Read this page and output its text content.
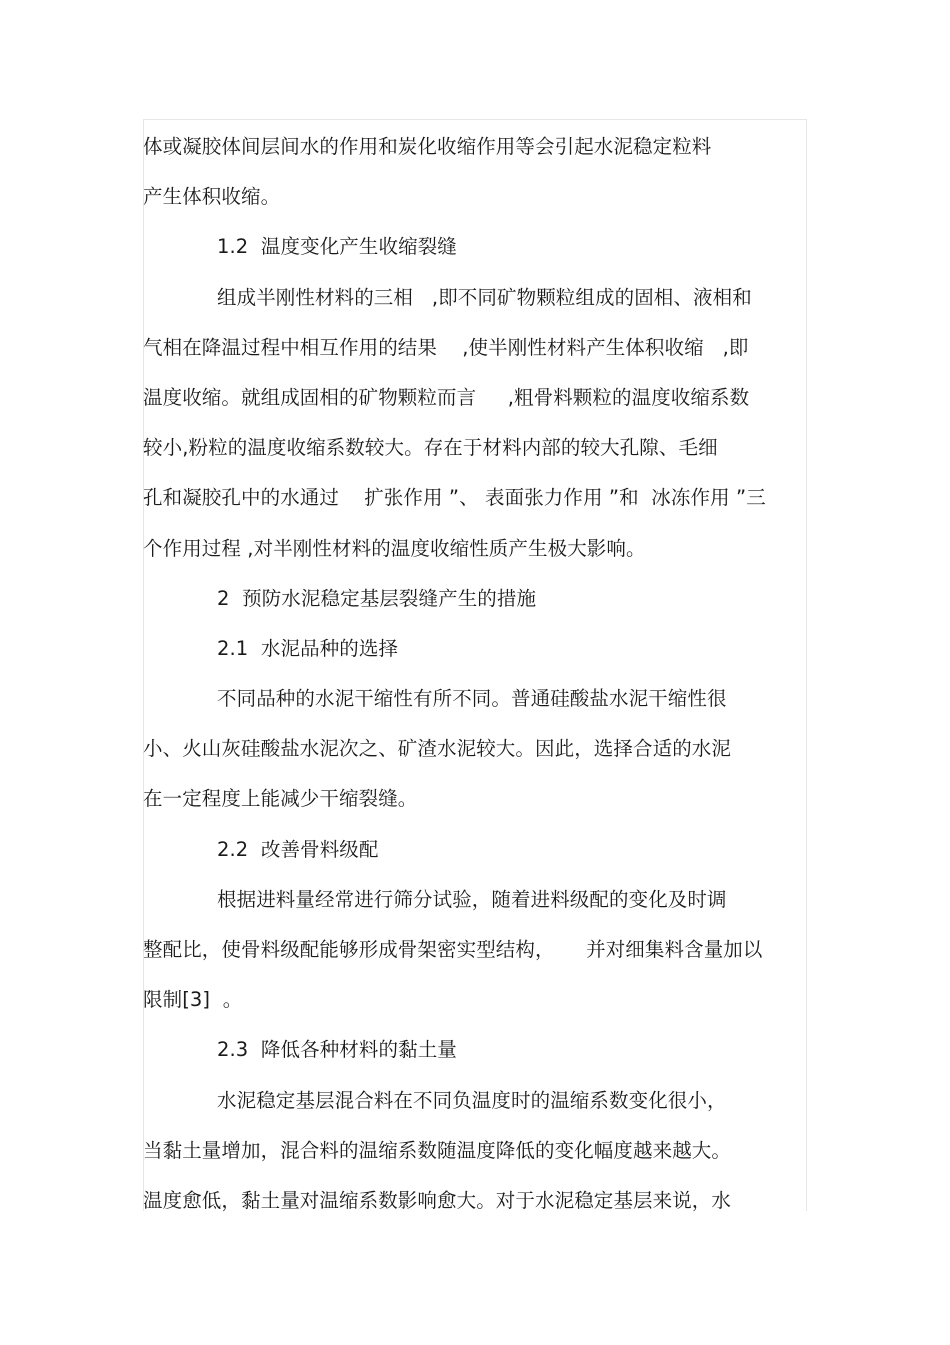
体或凝胶体间层间水的作用和炭化收缩作用等会引起水泥稳定粒料
产生体积收缩。
1.2  温度变化产生收缩裂缝
组成半刚性材料的三相   ,即不同矿物颗粒组成的固相、液相和
气相在降温过程中相互作用的结果    ,使半刚性材料产生体积收缩   ,即
温度收缩。就组成固相的矿物颗粒而言     ,粗骨料颗粒的温度收缩系数
较小,粉粒的温度收缩系数较大。存在于材料内部的较大孔隙、毛细
孔和凝胶孔中的水通过    扩张作用 ”、 表面张力作用 ”和  冰冻作用 ”三
个作用过程 ,对半刚性材料的温度收缩性质产生极大影响。
2  预防水泥稳定基层裂缝产生的措施
2.1  水泥品种的选择
不同品种的水泥干缩性有所不同。普通硅酸盐水泥干缩性很
小、火山灰硅酸盐水泥次之、矿渣水泥较大。因此，选择合适的水泥
在一定程度上能减少干缩裂缝。
2.2  改善骨料级配
根据进料量经常进行筛分试验，随着进料级配的变化及时调
整配比，使骨料级配能够形成骨架密实型结构，     并对细集料含量加以
限制[3]  。
2.3  降低各种材料的黏土量
水泥稳定基层混合料在不同负温度时的温缩系数变化很小，
当黏土量增加，混合料的温缩系数随温度降低的变化幅度越来越大。
温度愈低，黏土量对温缩系数影响愈大。对于水泥稳定基层来说，水
